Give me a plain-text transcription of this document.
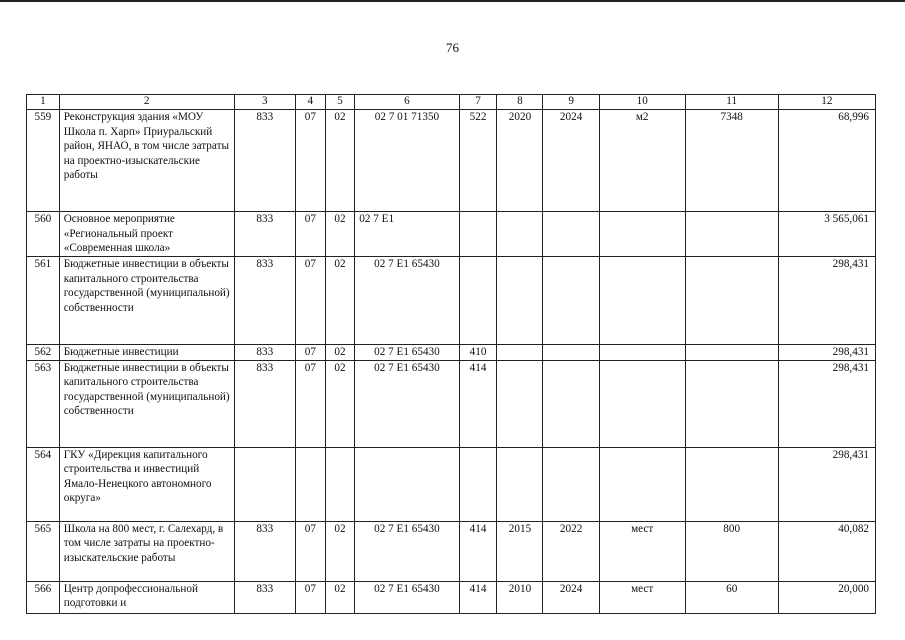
76
1	2	3	4	5	6	7	8	9	10	11	12
559	Реконструкция здания «МОУ Школа п. Харп» Приуральский район, ЯНАО, в том числе затраты на проектно-изыскательские работы	833	07	02	02 7 01 71350	522	2020	2024	м2	7348	68,996
560	Основное мероприятие «Региональный проект «Современная школа»	833	07	02	02 7 E1						3 565,061
561	Бюджетные инвестиции в объекты капитального строительства государственной (муниципальной) собственности	833	07	02	02 7 E1 65430						298,431
562	Бюджетные инвестиции	833	07	02	02 7 E1 65430	410					298,431
563	Бюджетные инвестиции в объекты капитального строительства государственной (муниципальной) собственности	833	07	02	02 7 E1 65430	414					298,431
564	ГКУ «Дирекция капитального строительства и инвестиций Ямало-Ненецкого автономного округа»										298,431
565	Школа на 800 мест, г. Салехард, в том числе затраты на проектно-изыскательские работы	833	07	02	02 7 E1 65430	414	2015	2022	мест	800	40,082
566	Центр допрофессиональной подготовки и	833	07	02	02 7 E1 65430	414	2010	2024	мест	60	20,000
